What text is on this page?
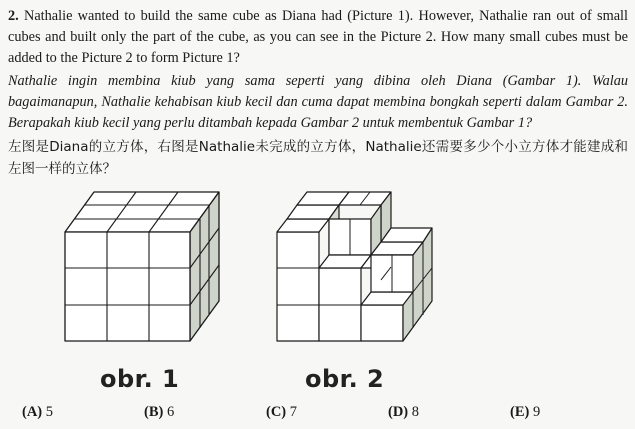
2. Nathalie wanted to build the same cube as Diana had (Picture 1). However, Nathalie ran out of small cubes and built only the part of the cube, as you can see in the Picture 2. How many small cubes must be added to the Picture 2 to form Picture 1?
Nathalie ingin membina kiub yang sama seperti yang dibina oleh Diana (Gambar 1). Walau bagaimanapun, Nathalie kehabisan kiub kecil dan cuma dapat membina bongkah seperti dalam Gambar 2. Berapakah kiub kecil yang perlu ditambah kepada Gambar 2 untuk membentuk Gambar 1?
左图是Diana的立方体，右图是Nathalie未完成的立方体，Nathalie还需要多少个小立方体才能建成和左图一样的立体？
obr. 1	obr. 2
(A) 5	(B) 6	(C) 7	(D) 8	(E) 9
